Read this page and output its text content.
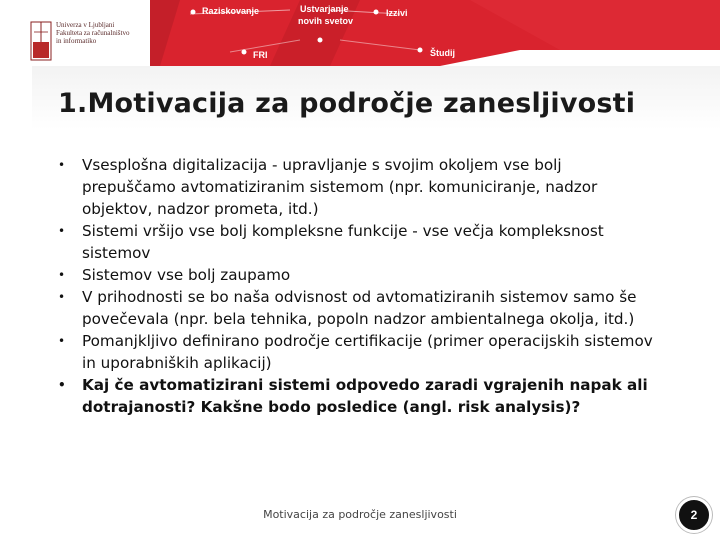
Univerza v Ljubljani
Fakulteta za računalništvo
in informatiko
Raziskovanje	Ustvarjanje
novih svetov
Izzivi
FRI	Študij
1.Motivacija za področje zanesljivosti
• Vsesplošna digitalizacija - upravljanje s svojim okoljem vse bolj prepuščamo avtomatiziranim sistemom (npr. komuniciranje, nadzor objektov, nadzor prometa, itd.)
• Sistemi vršijo vse bolj kompleksne funkcije - vse večja kompleksnost sistemov
• Sistemov vse bolj zaupamo
• V prihodnosti se bo naša odvisnost od avtomatiziranih sistemov samo še povečevala (npr. bela tehnika, popoln nadzor ambientalnega okolja, itd.)
• Pomanjkljivo definirano področje certifikacije (primer operacijskih sistemov in uporabniških aplikacij)
• Kaj če avtomatizirani sistemi odpovedo zaradi vgrajenih napak ali dotrajanosti? Kakšne bodo posledice (angl. risk analysis)?
Motivacija za področje zanesljivosti	2
